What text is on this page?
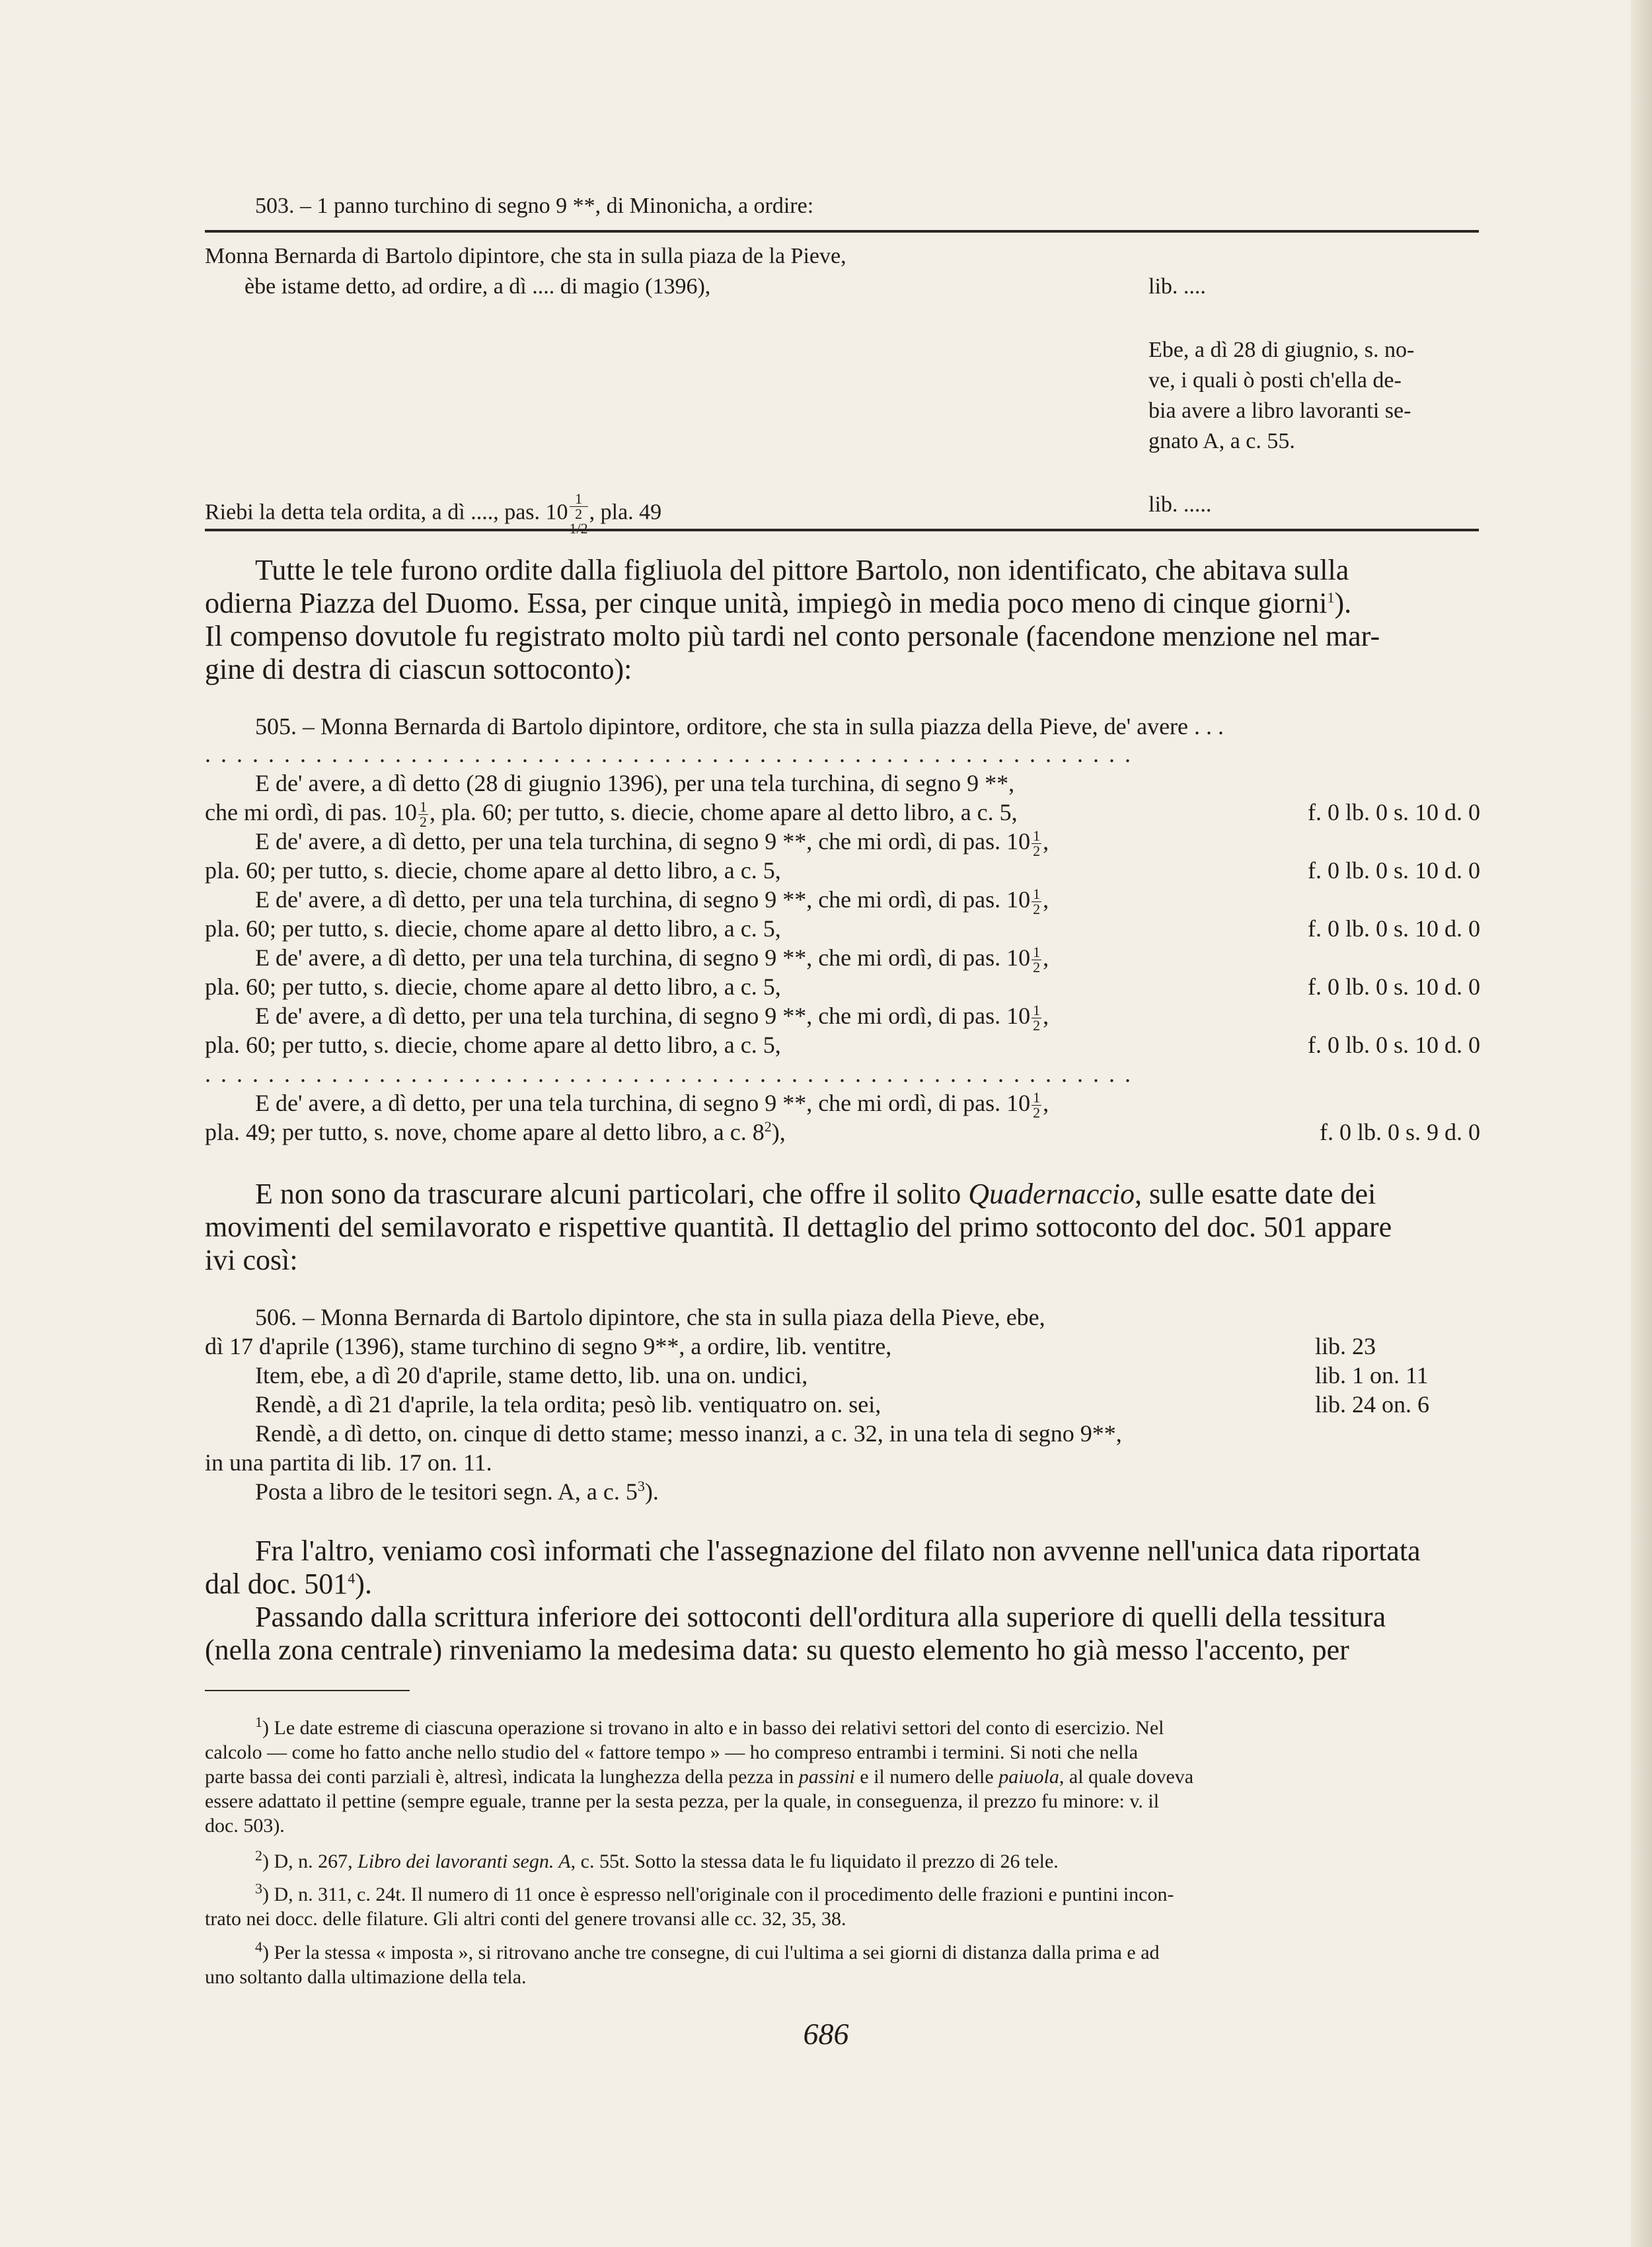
503. – 1 panno turchino di segno 9 **, di Minonicha, a ordire:
Monna Bernarda di Bartolo dipintore, che sta in sulla piaza de la Pieve,
èbe istame detto, ad ordire, a dì .... di magio (1396),	lib. ....
Ebe, a dì 28 di giugnio, s. no-
ve, i quali ò posti ch'ella de-
bia avere a libro lavoranti se-
gnato A, a c. 55.
Riebi la detta tela ordita, a dì ...., pas. $10 \frac{1}{2}$ , pla. 49	lib. .....
Tutte le tele furono ordite dalla figliuola del pittore Bartolo, non identificato, che abitava sulla
odierna Piazza del Duomo. Essa, per cinque unità, impiegò in media poco meno di cinque giorni$^1$).
Il compenso dovutole fu registrato molto più tardi nel conto personale (facendone menzione nel mar-
gine di destra di ciascun sottoconto):
505. – Monna Bernarda di Bartolo dipintore, orditore, che sta in sulla piazza della Pieve, de' avere . . .
...........................................................
E de' avere, a dì detto (28 di giugnio 1396), per una tela turchina, di segno 9 **,
che mi ordì, di pas. $10 \frac{1}{2}$ , pla. 60; per tutto, s. diecie, chome apare al detto libro, a c. 5,	f. 0 lb. 0 s. 10 d. 0
E de' avere, a dì detto, per una tela turchina, di segno 9 **, che mi ordì, di pas. $10 \frac{1}{2}$ ,
pla. 60; per tutto, s. diecie, chome apare al detto libro, a c. 5,	f. 0 lb. 0 s. 10 d. 0
E de' avere, a dì detto, per una tela turchina, di segno 9 **, che mi ordì, di pas. $10 \frac{1}{2}$ ,
pla. 60; per tutto, s. diecie, chome apare al detto libro, a c. 5,	f. 0 lb. 0 s. 10 d. 0
E de' avere, a dì detto, per una tela turchina, di segno 9 **, che mi ordì, di pas. $10 \frac{1}{2}$ ,
pla. 60; per tutto, s. diecie, chome apare al detto libro, a c. 5,	f. 0 lb. 0 s. 10 d. 0
E de' avere, a dì detto, per una tela turchina, di segno 9 **, che mi ordì, di pas. $10 \frac{1}{2}$ ,
pla. 60; per tutto, s. diecie, chome apare al detto libro, a c. 5,	f. 0 lb. 0 s. 10 d. 0
...........................................................
E de' avere, a dì detto, per una tela turchina, di segno 9 **, che mi ordì, di pas. $10 \frac{1}{2}$ ,
pla. 49; per tutto, s. nove, chome apare al detto libro, a c. $8^2$),	f. 0 lb. 0 s. 9 d. 0
E non sono da trascurare alcuni particolari, che offre il solito Quadernaccio, sulle esatte date dei
movimenti del semilavorato e rispettive quantità. Il dettaglio del primo sottoconto del doc. 501 appare
ivi così:
506. – Monna Bernarda di Bartolo dipintore, che sta in sulla piaza della Pieve, ebe,
dì 17 d'aprile (1396), stame turchino di segno 9**, a ordire, lib. ventitre,	lib. 23
Item, ebe, a dì 20 d'aprile, stame detto, lib. una on. undici,	lib. 1 on. 11
Rendè, a dì 21 d'aprile, la tela ordita; pesò lib. ventiquatro on. sei,	lib. 24 on. 6
Rendè, a dì detto, on. cinque di detto stame; messo inanzi, a c. 32, in una tela di segno 9**,
in una partita di lib. 17 on. 11.
Posta a libro de le tesitori segn. A, a c. $5^3$).
Fra l'altro, veniamo così informati che l'assegnazione del filato non avvenne nell'unica data riportata
dal doc. $501^4$).
Passando dalla scrittura inferiore dei sottoconti dell'orditura alla superiore di quelli della tessitura
(nella zona centrale) rinveniamo la medesima data: su questo elemento ho già messo l'accento, per
$^1$) Le date estreme di ciascuna operazione si trovano in alto e in basso dei relativi settori del conto di esercizio. Nel
calcolo — come ho fatto anche nello studio del « fattore tempo » — ho compreso entrambi i termini. Si noti che nella
parte bassa dei conti parziali è, altresì, indicata la lunghezza della pezza in passini e il numero delle paiuola, al quale doveva
essere adattato il pettine (sempre eguale, tranne per la sesta pezza, per la quale, in conseguenza, il prezzo fu minore: v. il
doc. 503).
$^2$) D, n. 267, Libro dei lavoranti segn. A, c. 55t. Sotto la stessa data le fu liquidato il prezzo di 26 tele.
$^3$) D, n. 311, c. 24t. Il numero di 11 once è espresso nell'originale con il procedimento delle frazioni e puntini incon-
trato nei docc. delle filature. Gli altri conti del genere trovansi alle cc. 32, 35, 38.
$^4$) Per la stessa « imposta », si ritrovano anche tre consegne, di cui l'ultima a sei giorni di distanza dalla prima e ad
uno soltanto dalla ultimazione della tela.
686
